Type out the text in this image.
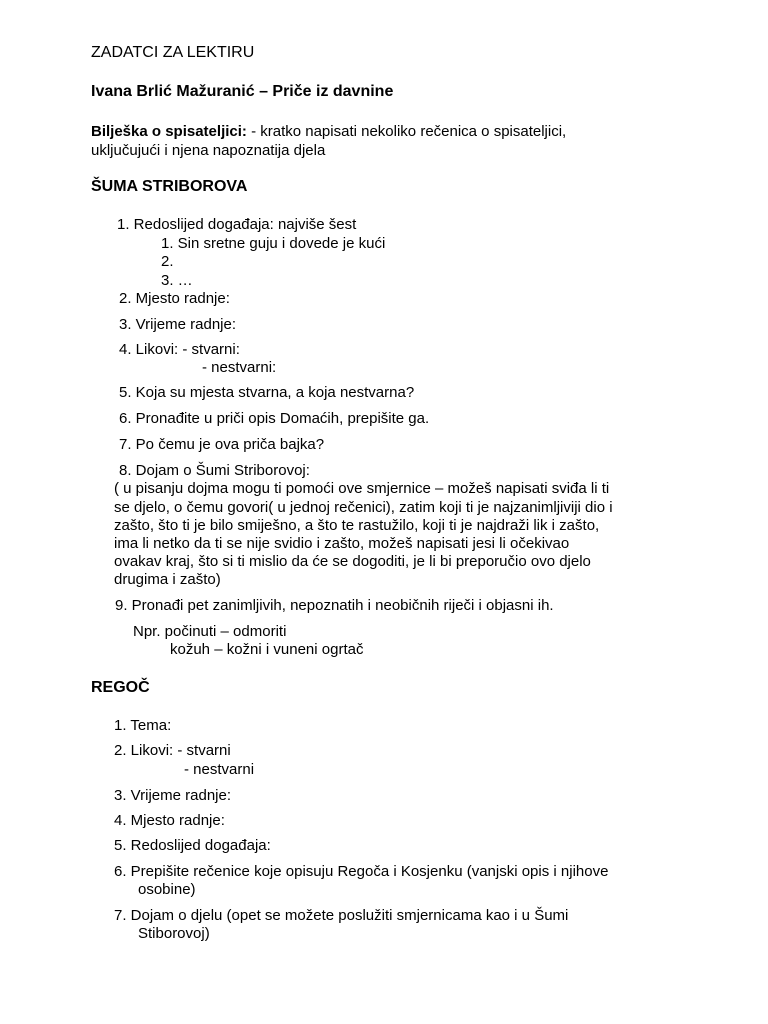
ZADATCI ZA LEKTIRU
Ivana Brlić Mažuranić – Priče iz davnine
Bilješka o spisateljici: - kratko napisati nekoliko rečenica o spisateljici,
uključujući i njena napoznatija djela
ŠUMA STRIBOROVA
1. Redoslijed događaja: najviše šest
1. Sin sretne guju i dovede je kući
2.
3. …
2. Mjesto radnje:
3. Vrijeme radnje:
4. Likovi: - stvarni:
- nestvarni:
5. Koja su mjesta stvarna, a koja nestvarna?
6. Pronađite u priči opis Domaćih, prepišite ga.
7. Po čemu je ova priča bajka?
8. Dojam o Šumi Striborovoj:
( u pisanju dojma mogu ti pomoći ove smjernice – možeš napisati sviđa li ti
se djelo, o čemu govori( u jednoj rečenici), zatim koji ti je najzanimljiviji dio i
zašto, što ti je bilo smiješno, a što te rastužilo, koji ti je najdraži lik i zašto,
ima li netko da ti se nije svidio i zašto, možeš napisati jesi li očekivao
ovakav kraj, što si ti mislio da će se dogoditi, je li bi preporučio ovo djelo
drugima i zašto)
9. Pronađi pet zanimljivih, nepoznatih i neobičnih riječi i objasni ih.
Npr. počinuti – odmoriti
kožuh – kožni i vuneni ogrtač
REGOČ
1. Tema:
2. Likovi: - stvarni
- nestvarni
3. Vrijeme radnje:
4. Mjesto radnje:
5. Redoslijed događaja:
6. Prepišite rečenice koje opisuju Regoča i Kosjenku (vanjski opis i njihove
osobine)
7. Dojam o djelu (opet se možete poslužiti smjernicama kao i u Šumi
Stiborovoj)
